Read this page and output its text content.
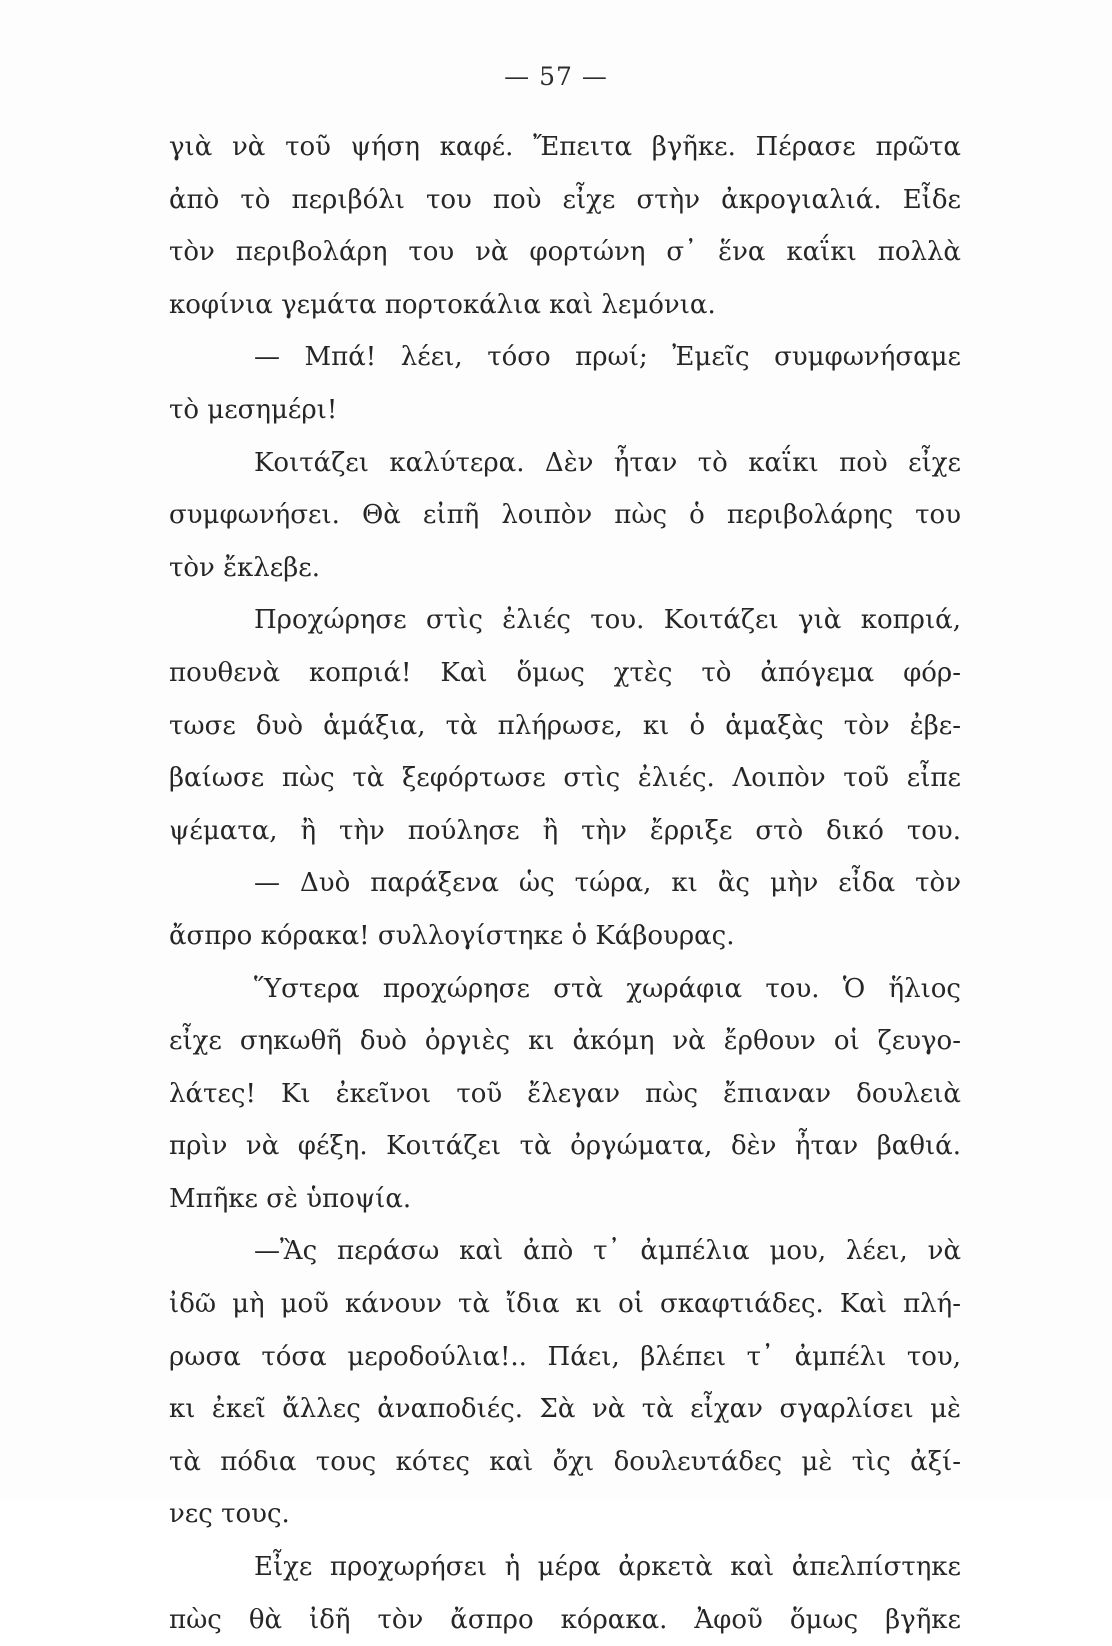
— 57 —
γιὰ νὰ τοῦ ψήση καφέ. Ἔπειτα βγῆκε. Πέρασε πρῶτα
ἀπὸ τὸ περιβόλι του ποὺ εἶχε στὴν ἀκρογιαλιά. Εἶδε
τὸν περιβολάρη του νὰ φορτώνη σ᾿ ἕνα καΐκι πολλὰ
κοφίνια γεμάτα πορτοκάλια καὶ λεμόνια.
— Μπά! λέει, τόσο πρωί; Ἐμεῖς συμφωνήσαμε
τὸ μεσημέρι!
Κοιτάζει καλύτερα. Δὲν ἦταν τὸ καΐκι ποὺ εἶχε
συμφωνήσει. Θὰ εἰπῆ λοιπὸν πὼς ὁ περιβολάρης του
τὸν ἔκλεβε.
Προχώρησε στὶς ἐλιές του. Κοιτάζει γιὰ κοπριά,
πουθενὰ κοπριά! Καὶ ὅμως χτὲς τὸ ἀπόγεμα φόρ-
τωσε δυὸ ἁμάξια, τὰ πλήρωσε, κι ὁ ἁμαξὰς τὸν ἐβε-
βαίωσε πὼς τὰ ξεφόρτωσε στὶς ἐλιές. Λοιπὸν τοῦ εἶπε
ψέματα, ἢ τὴν πούλησε ἢ τὴν ἔρριξε στὸ δικό του.
— Δυὸ παράξενα ὡς τώρα, κι ἂς μὴν εἶδα τὸν
ἄσπρο κόρακα! συλλογίστηκε ὁ Κάβουρας.
Ὕστερα προχώρησε στὰ χωράφια του. Ὁ ἥλιος
εἶχε σηκωθῆ δυὸ ὀργιὲς κι ἀκόμη νὰ ἔρθουν οἱ ζευγο-
λάτες! Κι ἐκεῖνοι τοῦ ἔλεγαν πὼς ἔπιαναν δουλειὰ
πρὶν νὰ φέξη. Κοιτάζει τὰ ὀργώματα, δὲν ἦταν βαθιά.
Μπῆκε σὲ ὑποψία.
—Ἂς περάσω καὶ ἀπὸ τ᾿ ἀμπέλια μου, λέει, νὰ
ἰδῶ μὴ μοῦ κάνουν τὰ ἴδια κι οἱ σκαφτιάδες. Καὶ πλή-
ρωσα τόσα μεροδούλια!.. Πάει, βλέπει τ᾿ ἀμπέλι του,
κι ἐκεῖ ἄλλες ἀναποδιές. Σὰ νὰ τὰ εἶχαν σγαρλίσει μὲ
τὰ πόδια τους κότες καὶ ὄχι δουλευτάδες μὲ τὶς ἀξί-
νες τους.
Εἶχε προχωρήσει ἡ μέρα ἀρκετὰ καὶ ἀπελπίστηκε
πὼς θὰ ἰδῆ τὸν ἄσπρο κόρακα. Ἀφοῦ ὅμως βγῆκε
